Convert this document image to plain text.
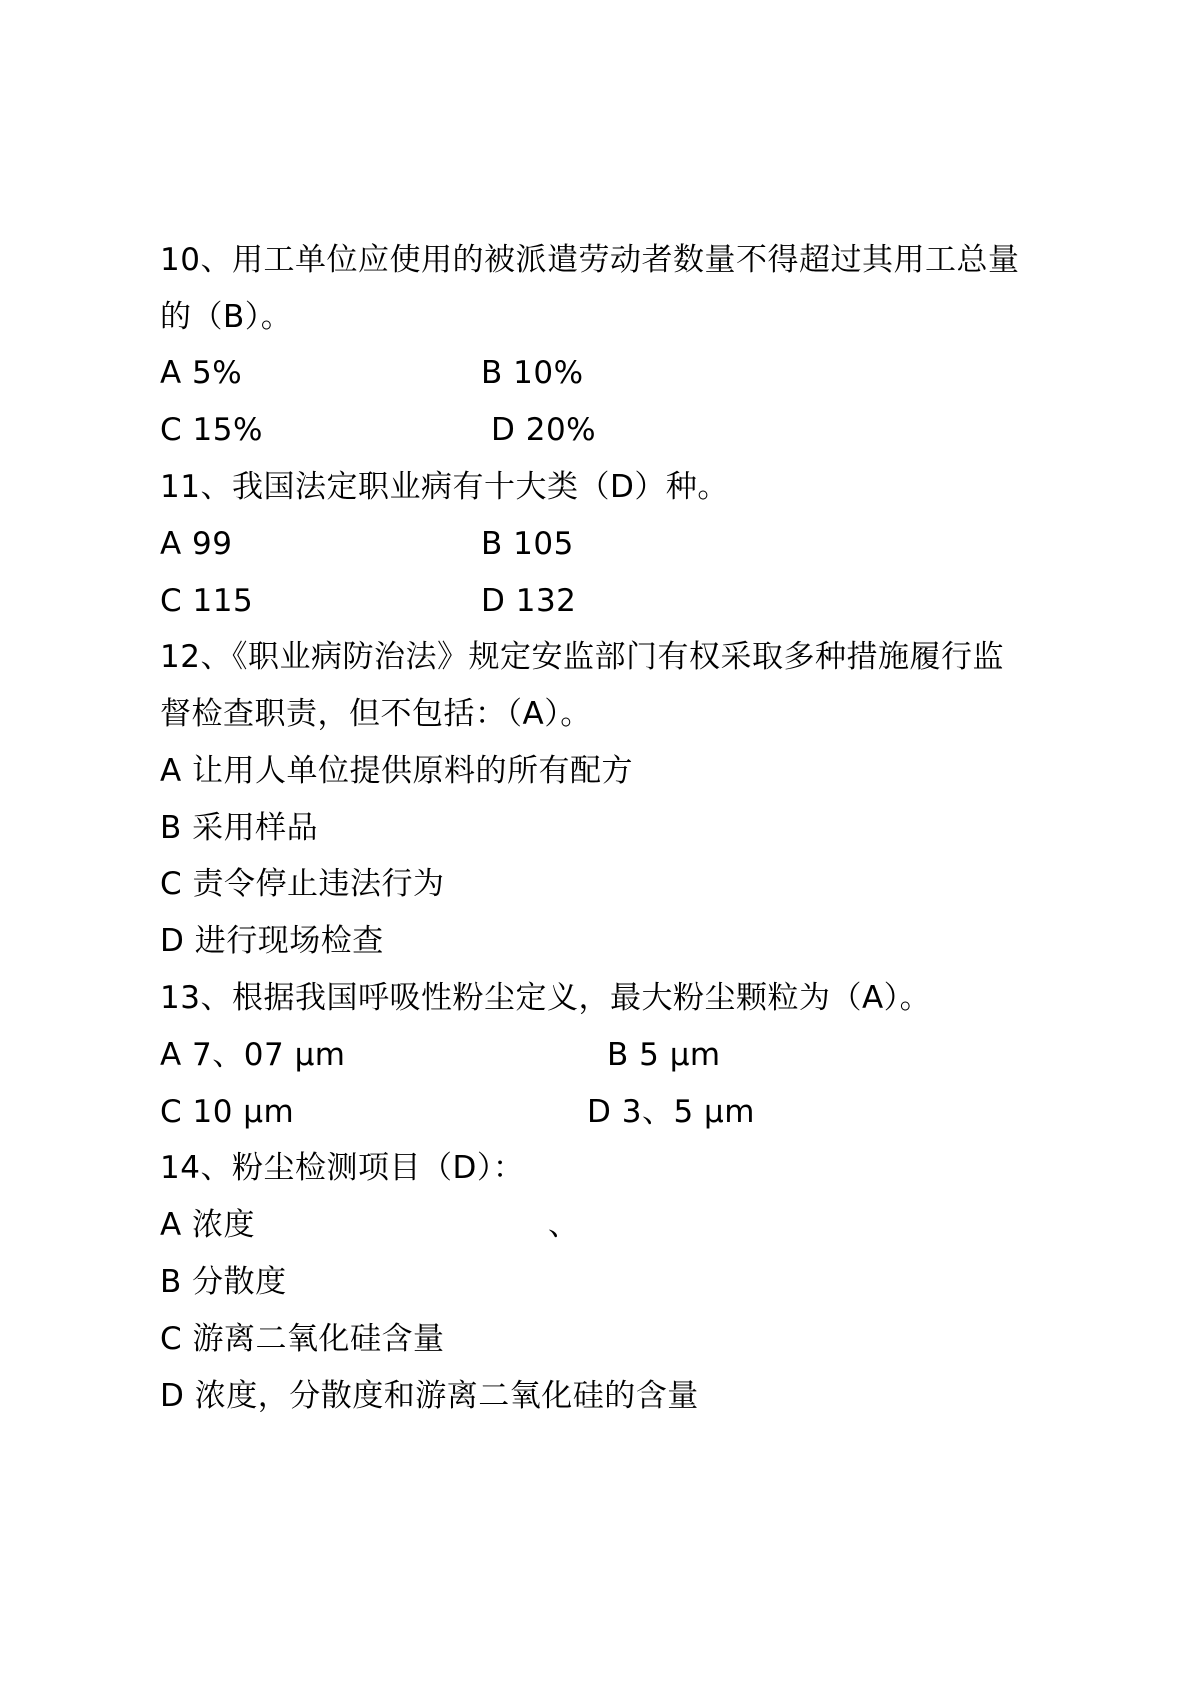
10、用工单位应使用的被派遣劳动者数量不得超过其用工总量
的（B）。
A 5%	B 10%
C 15%	D 20%
11、我国法定职业病有十大类（D）种。
A 99	B 105
C 115	D 132
12、《职业病防治法》规定安监部门有权采取多种措施履行监
督检查职责，但不包括：（A）。
A 让用人单位提供原料的所有配方
B 采用样品
C 责令停止违法行为
D 进行现场检查
13、根据我国呼吸性粉尘定义，最大粉尘颗粒为（A）。
A 7、07 μm	B 5 μm
C 10 μm	D 3、5 μm
14、粉尘检测项目（D）：
A 浓度	、
B 分散度
C 游离二氧化硅含量
D 浓度，分散度和游离二氧化硅的含量
